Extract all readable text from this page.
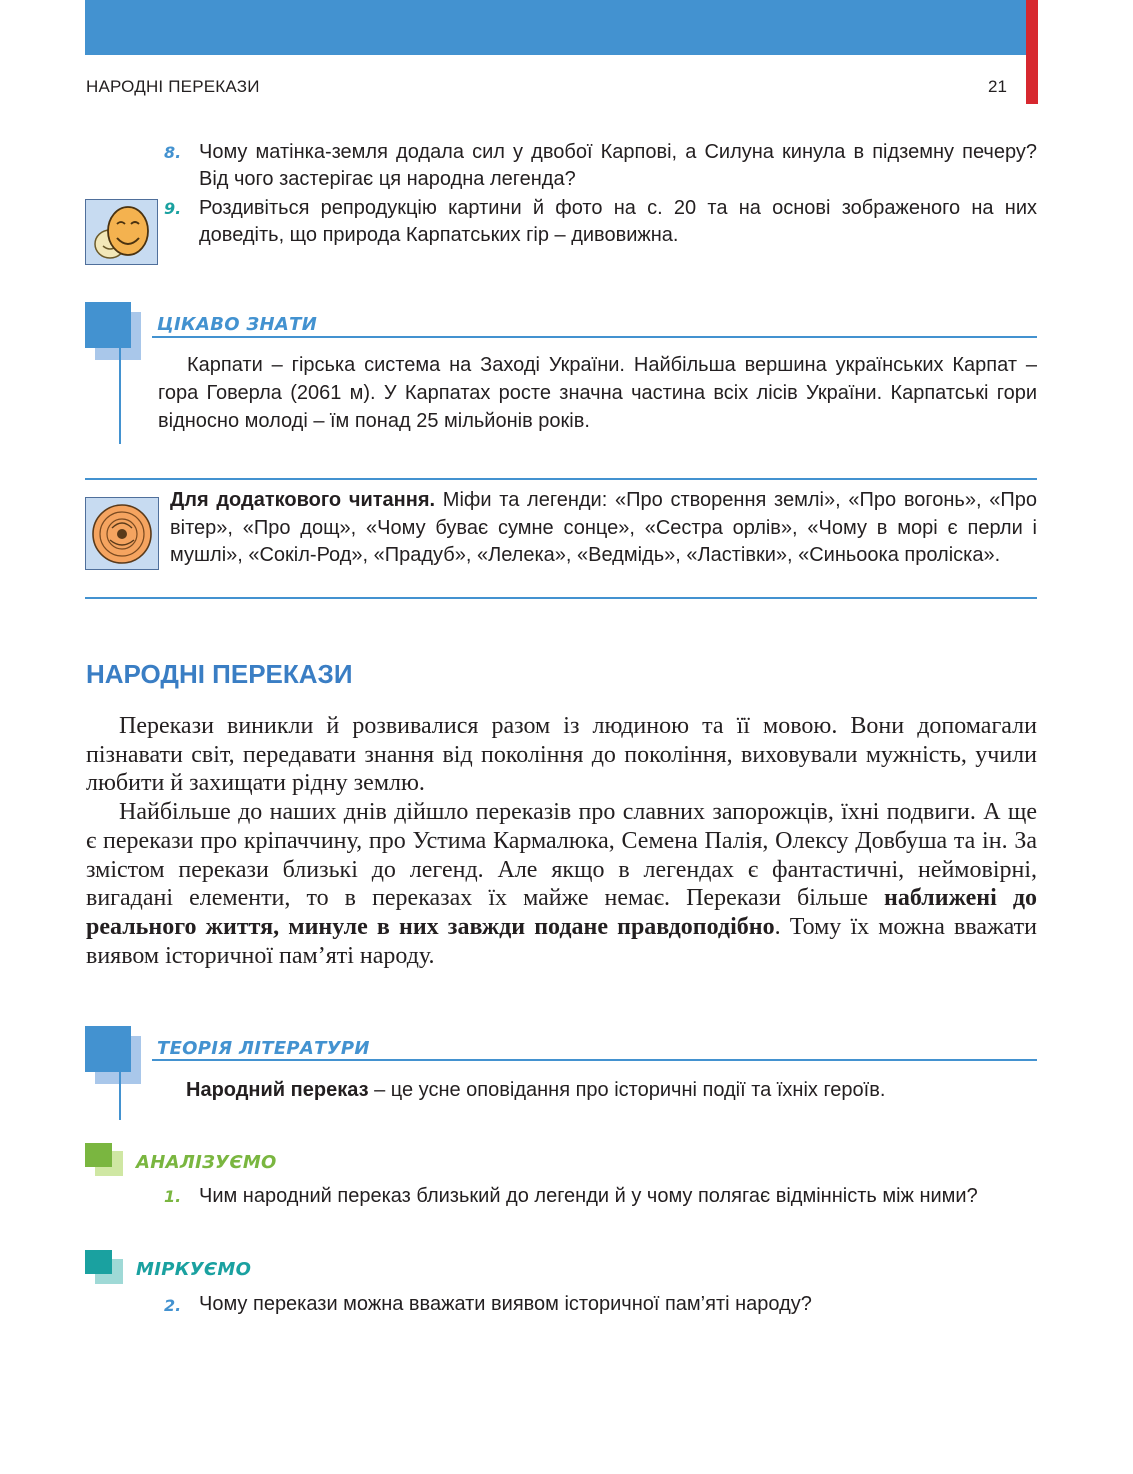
НАРОДНІ ПЕРЕКАЗИ	21
8. Чому матінка-земля додала сил у двобої Карпові, а Силуна кинула в підземну печеру? Від чого застерігає ця народна легенда?
9. Роздивіться репродукцію картини й фото на с. 20 та на основі зображеного на них доведіть, що природа Карпатських гір – дивовижна.
ЦІКАВО ЗНАТИ
Карпати – гірська система на Заході України. Найбільша вершина українських Карпат – гора Говерла (2061 м). У Карпатах росте значна частина всіх лісів України. Карпатські гори відносно молоді – їм понад 25 мільйонів років.
Для додаткового читання. Міфи та легенди: «Про створення землі», «Про вогонь», «Про вітер», «Про дощ», «Чому буває сумне сонце», «Сестра орлів», «Чому в морі є перли і мушлі», «Сокіл-Род», «Прадуб», «Лелека», «Ведмідь», «Ластівки», «Синьоока проліска».
НАРОДНІ ПЕРЕКАЗИ

Перекази виникли й розвивалися разом із людиною та її мовою. Вони допомагали пізнавати світ, передавати знання від покоління до покоління, виховували мужність, учили любити й захищати рідну землю.

Найбільше до наших днів дійшло переказів про славних запорожців, їхні подвиги. А ще є перекази про кріпаччину, про Устима Кармалюка, Семена Палія, Олексу Довбуша та ін. За змістом перекази близькі до легенд. Але якщо в легендах є фантастичні, неймовірні, вигадані елементи, то в переказах їх майже немає. Перекази більше наближені до реального життя, минуле в них завжди подане правдоподібно. Тому їх можна вважати виявом історичної пам’яті народу.

ТЕОРІЯ ЛІТЕРАТУРИ
Народний переказ – це усне оповідання про історичні події та їхніх героїв.
АНАЛІЗУЄМО
1. Чим народний переказ близький до легенди й у чому полягає відмінність між ними?
МІРКУЄМО
2. Чому перекази можна вважати виявом історичної пам’яті народу?
